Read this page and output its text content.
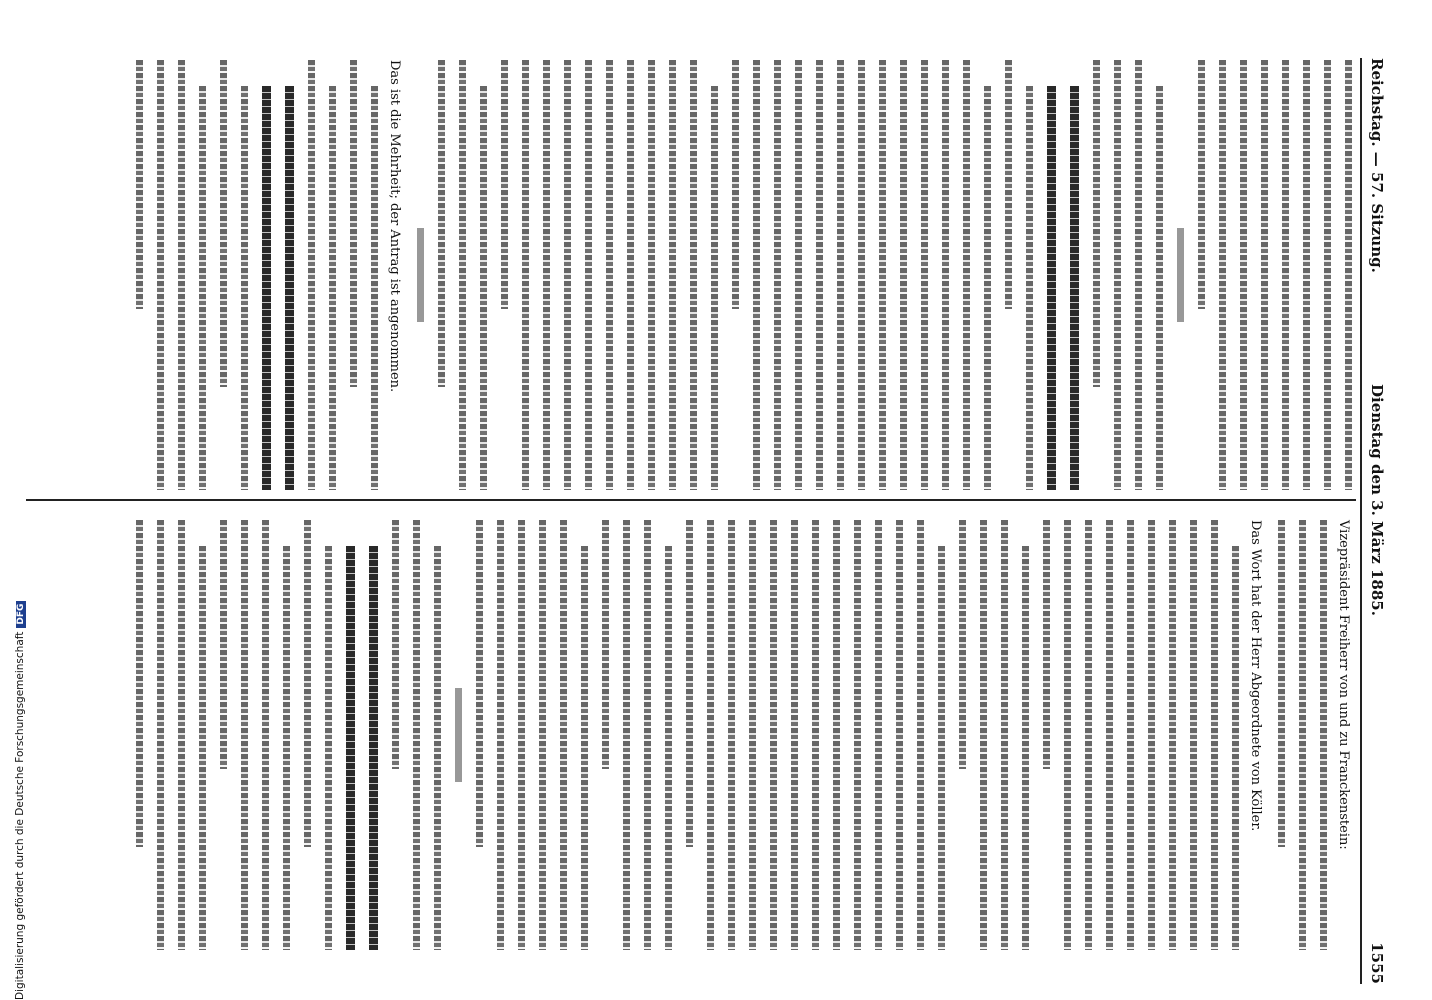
Reichstag. — 57. Sitzung.
Dienstag den 3. März 1885.
1555

Das ist die Mehrheit; der Antrag ist angenommen.

Vizepräsident Freiherr von und zu Franckenstein:

Das Wort hat der Herr Abgeordnete von Köller.

Digitalisierung gefördert durch die Deutsche ForschungsgemeinschaftDFG
